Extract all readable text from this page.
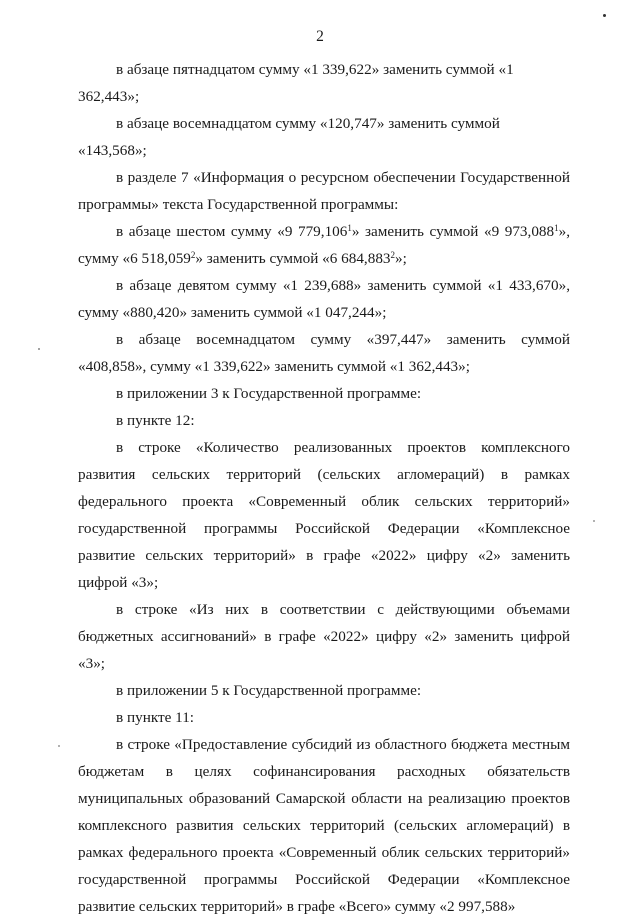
2

в абзаце пятнадцатом сумму «1 339,622» заменить суммой «1 362,443»;

в абзаце восемнадцатом сумму «120,747» заменить суммой «143,568»;

в разделе 7 «Информация о ресурсном обеспечении Государственной программы» текста Государственной программы:

в абзаце шестом сумму «9 779,106$^1$» заменить суммой «9 973,088$^1$», сумму «6 518,059$^2$» заменить суммой «6 684,883$^2$»;

в абзаце девятом сумму «1 239,688» заменить суммой «1 433,670», сумму «880,420» заменить суммой «1 047,244»;

в абзаце восемнадцатом сумму «397,447» заменить суммой «408,858», сумму «1 339,622» заменить суммой «1 362,443»;

в приложении 3 к Государственной программе:

в пункте 12:

в строке «Количество реализованных проектов комплексного развития сельских территорий (сельских агломераций) в рамках федерального проекта «Современный облик сельских территорий» государственной программы Российской Федерации «Комплексное развитие сельских территорий» в графе «2022» цифру «2» заменить цифрой «3»;

в строке «Из них в соответствии с действующими объемами бюджетных ассигнований» в графе «2022» цифру «2» заменить цифрой «3»;

в приложении 5 к Государственной программе:

в пункте 11:

в строке «Предоставление субсидий из областного бюджета местным бюджетам в целях софинансирования расходных обязательств муниципальных образований Самарской области на реализацию проектов комплексного развития сельских территорий (сельских агломераций) в рамках федерального проекта «Современный облик сельских территорий» государственной программы Российской Федерации «Комплексное развитие сельских территорий» в графе «Всего» сумму «2 997,588»
